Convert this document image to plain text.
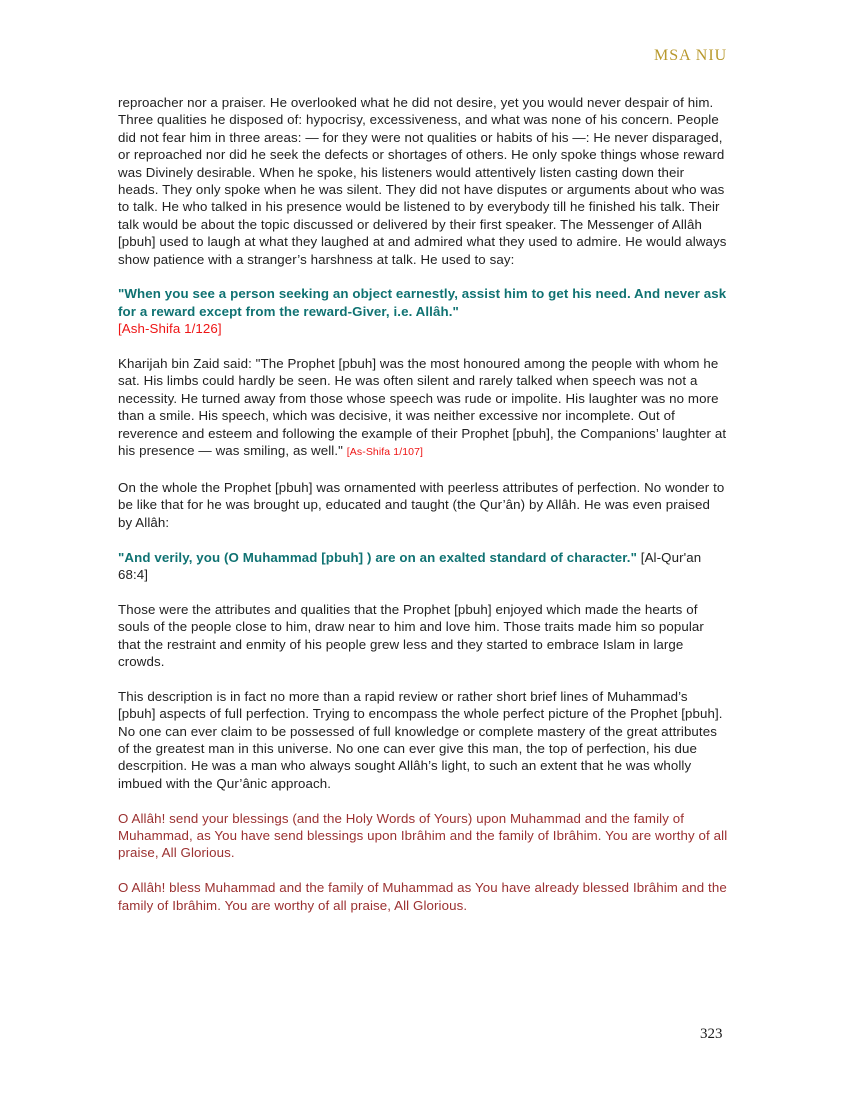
MSA NIU

reproacher nor a praiser. He overlooked what he did not desire, yet you would never despair of him. Three qualities he disposed of: hypocrisy, excessiveness, and what was none of his concern. People did not fear him in three areas: — for they were not qualities or habits of his —: He never disparaged, or reproached nor did he seek the defects or shortages of others. He only spoke things whose reward was Divinely desirable. When he spoke, his listeners would attentively listen casting down their heads. They only spoke when he was silent. They did not have disputes or arguments about who was to talk. He who talked in his presence would be listened to by everybody till he finished his talk. Their talk would be about the topic discussed or delivered by their first speaker. The Messenger of Allâh [pbuh] used to laugh at what they laughed at and admired what they used to admire. He would always show patience with a stranger’s harshness at talk. He used to say:

"When you see a person seeking an object earnestly, assist him to get his need. And never ask for a reward except from the reward-Giver, i.e. Allâh."
[Ash-Shifa 1/126]

Kharijah bin Zaid said: "The Prophet [pbuh] was the most honoured among the people with whom he sat. His limbs could hardly be seen. He was often silent and rarely talked when speech was not a necessity. He turned away from those whose speech was rude or impolite. His laughter was no more than a smile. His speech, which was decisive, it was neither excessive nor incomplete. Out of reverence and esteem and following the example of their Prophet [pbuh], the Companions’ laughter at his presence — was smiling, as well." [As-Shifa 1/107]

On the whole the Prophet [pbuh] was ornamented with peerless attributes of perfection. No wonder to be like that for he was brought up, educated and taught (the Qur’ân) by Allâh. He was even praised by Allâh:

"And verily, you (O Muhammad [pbuh] ) are on an exalted standard of character." [Al-Qur'an 68:4]

Those were the attributes and qualities that the Prophet [pbuh] enjoyed which made the hearts of souls of the people close to him, draw near to him and love him. Those traits made him so popular that the restraint and enmity of his people grew less and they started to embrace Islam in large crowds.

This description is in fact no more than a rapid review or rather short brief lines of Muhammad’s [pbuh] aspects of full perfection. Trying to encompass the whole perfect picture of the Prophet [pbuh]. No one can ever claim to be possessed of full knowledge or complete mastery of the great attributes of the greatest man in this universe. No one can ever give this man, the top of perfection, his due descrpition. He was a man who always sought Allâh’s light, to such an extent that he was wholly imbued with the Qur’ânic approach.

O Allâh! send your blessings (and the Holy Words of Yours) upon Muhammad and the family of Muhammad, as You have send blessings upon Ibrâhim and the family of Ibrâhim. You are worthy of all praise, All Glorious.

O Allâh! bless Muhammad and the family of Muhammad as You have already blessed Ibrâhim and the family of Ibrâhim. You are worthy of all praise, All Glorious.

323
